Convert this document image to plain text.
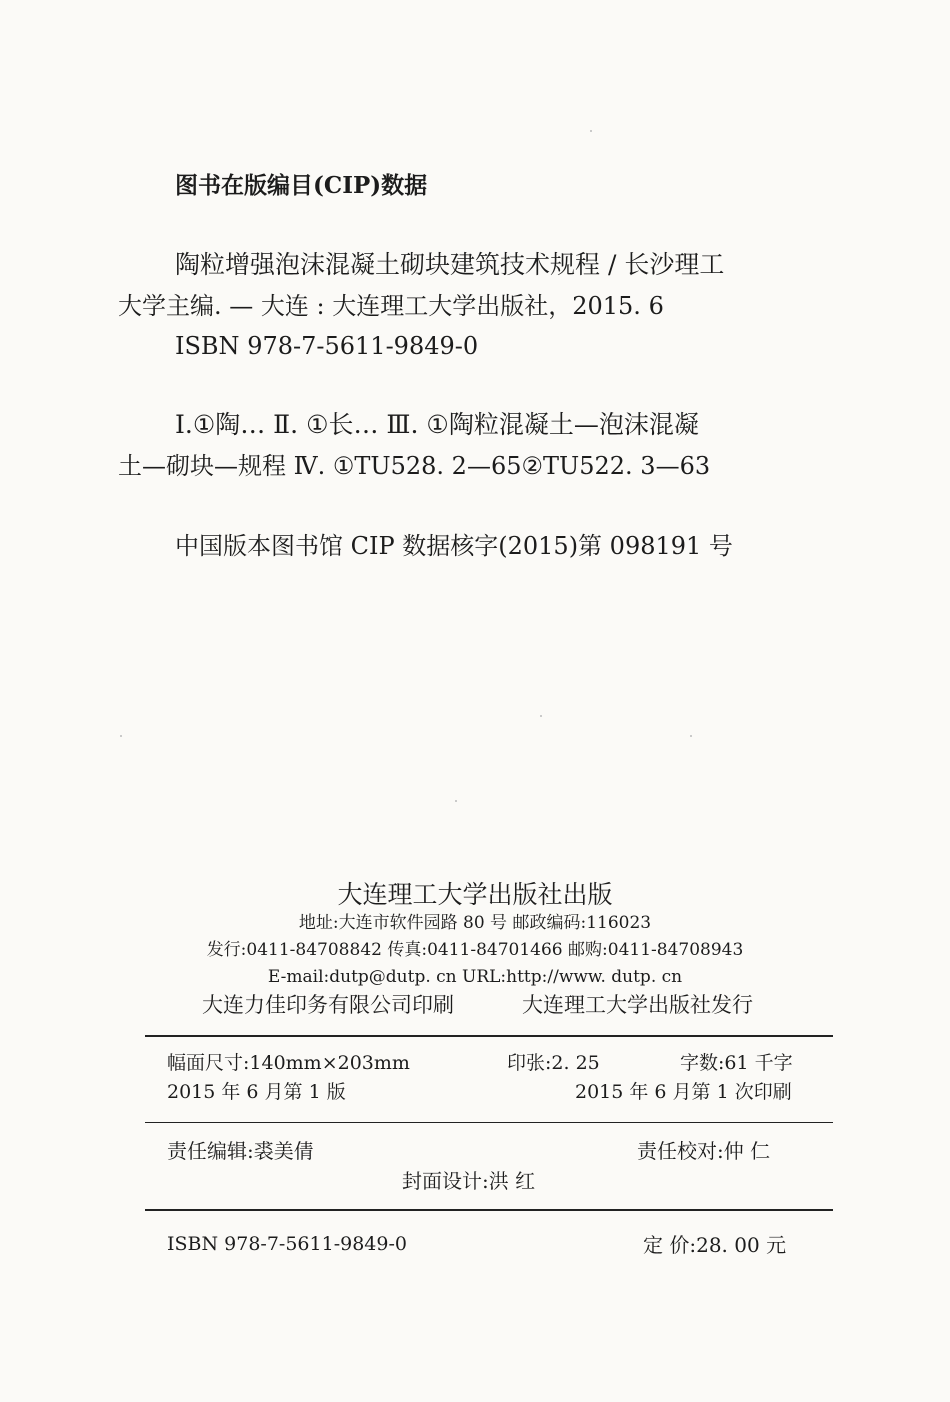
图书在版编目(CIP)数据
陶粒增强泡沫混凝土砌块建筑技术规程 / 长沙理工
大学主编. — 大连 : 大连理工大学出版社，2015. 6
ISBN 978-7-5611-9849-0
Ⅰ.①陶… Ⅱ. ①长… Ⅲ. ①陶粒混凝土—泡沫混凝
土—砌块—规程 Ⅳ. ①TU528. 2—65②TU522. 3—63
中国版本图书馆 CIP 数据核字(2015)第 098191 号
大连理工大学出版社出版
地址:大连市软件园路 80 号 邮政编码:116023
发行:0411-84708842 传真:0411-84701466 邮购:0411-84708943
E-mail:dutp@dutp. cn URL:http://www. dutp. cn
大连力佳印务有限公司印刷	大连理工大学出版社发行
幅面尺寸:140mm×203mm	印张:2. 25	字数:61 千字
2015 年 6 月第 1 版	2015 年 6 月第 1 次印刷
责任编辑:裘美倩	责任校对:仲 仁
封面设计:洪 红
ISBN 978-7-5611-9849-0	定 价:28. 00 元
